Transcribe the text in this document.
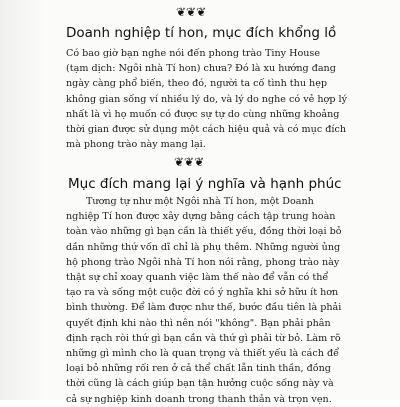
❦❦❦
Doanh nghiệp tí hon, mục đích khổng lồ

Có bao giờ bạn nghe nói đến phong trào Tiny House
(tạm dịch: Ngôi nhà Tí hon) chưa? Đó là xu hướng đang
ngày càng phổ biến, theo đó, người ta cố tình thu hẹp
không gian sống ví nhiều lý do, và lý do nghe có vẻ hợp lý
nhất là vì họ muốn có được sự tự do cùng những khoảng
thời gian được sử dụng một cách hiệu quả và có mục đích
mà phong trào này mang lại.

❦❦❦
Mục đích mang lại ý nghĩa và hạnh phúc

Tương tự như một Ngôi nhà Tí hon, một Doanh
nghiệp Tí hon được xây dựng bằng cách tập trung hoàn
toàn vào những gì bạn cần là thiết yếu, đồng thời loại bỏ
dần những thứ vốn dĩ chỉ là phụ thêm. Những người ủng
hộ phong trào Ngôi nhà Tí hon nói rằng, phong trào này
thật sự chỉ xoay quanh việc làm thế nào để vẫn có thể
tạo ra và sống một cuộc đời có ý nghĩa khi sở hữu ít hơn
bình thường. Để làm được như thế, bước đầu tiên là phải
quyết định khi nào thì nên nói "không". Bạn phải phân
định rạch ròi thứ gì bạn cần và thứ gì phải từ bỏ. Làm rõ
những gì mình cho là quan trọng và thiết yếu là cách để
loại bỏ những rối ren ở cả thể chất lẫn tinh thần, đồng
thời cũng là cách giúp bạn tận hưởng cuộc sống này và
cả sự nghiệp kinh doanh trong thanh thản và trọn vẹn.
